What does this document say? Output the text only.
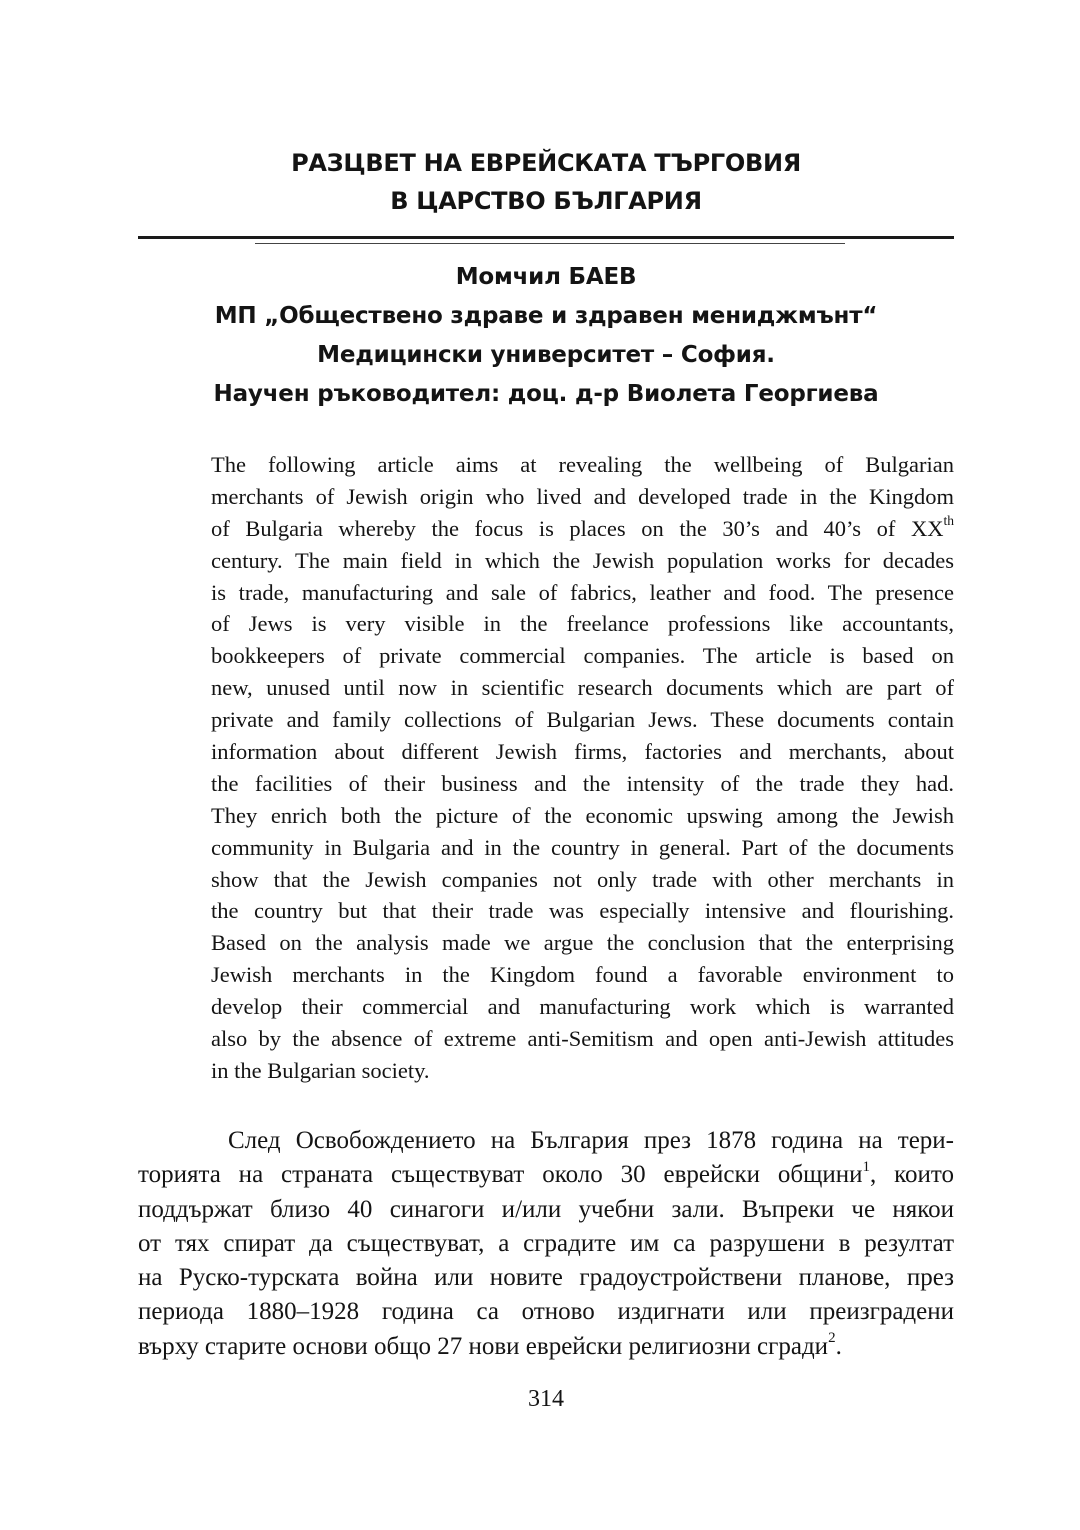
РАЗЦВЕТ НА ЕВРЕЙСКАТА ТЪРГОВИЯ
В ЦАРСТВО БЪЛГАРИЯ
Момчил БАЕВ
МП „Обществено здраве и здравен мениджмънт“
Медицински университет – София.
Научен ръководител: доц. д-р Виолета Георгиева
The following article aims at revealing the wellbeing of Bulgarian
merchants of Jewish origin who lived and developed trade in the Kingdom
of Bulgaria whereby the focus is places on the 30’s and 40’s of XXth
century. The main field in which the Jewish population works for decades
is trade, manufacturing and sale of fabrics, leather and food. The presence
of Jews is very visible in the freelance professions like accountants,
bookkeepers of private commercial companies. The article is based on
new, unused until now in scientific research documents which are part of
private and family collections of Bulgarian Jews. These documents contain
information about different Jewish firms, factories and merchants, about
the facilities of their business and the intensity of the trade they had.
They enrich both the picture of the economic upswing among the Jewish
community in Bulgaria and in the country in general. Part of the documents
show that the Jewish companies not only trade with other merchants in
the country but that their trade was especially intensive and flourishing.
Based on the analysis made we argue the conclusion that the enterprising
Jewish merchants in the Kingdom found a favorable environment to
develop their commercial and manufacturing work which is warranted
also by the absence of extreme anti-Semitism and open anti-Jewish attitudes
in the Bulgarian society.
След Освобождението на България през 1878 година на тери-
торията на страната съществуват около 30 еврейски общини$^1$, които
поддържат близо 40 синагоги и/или учебни зали. Въпреки че някои
от тях спират да съществуват, а сградите им са разрушени в резултат
на Руско-турската война или новите градоустройствени планове, през
периода 1880–1928 година са отново издигнати или преизградени
върху старите основи общо 27 нови еврейски религиозни сгради$^2$.
314
